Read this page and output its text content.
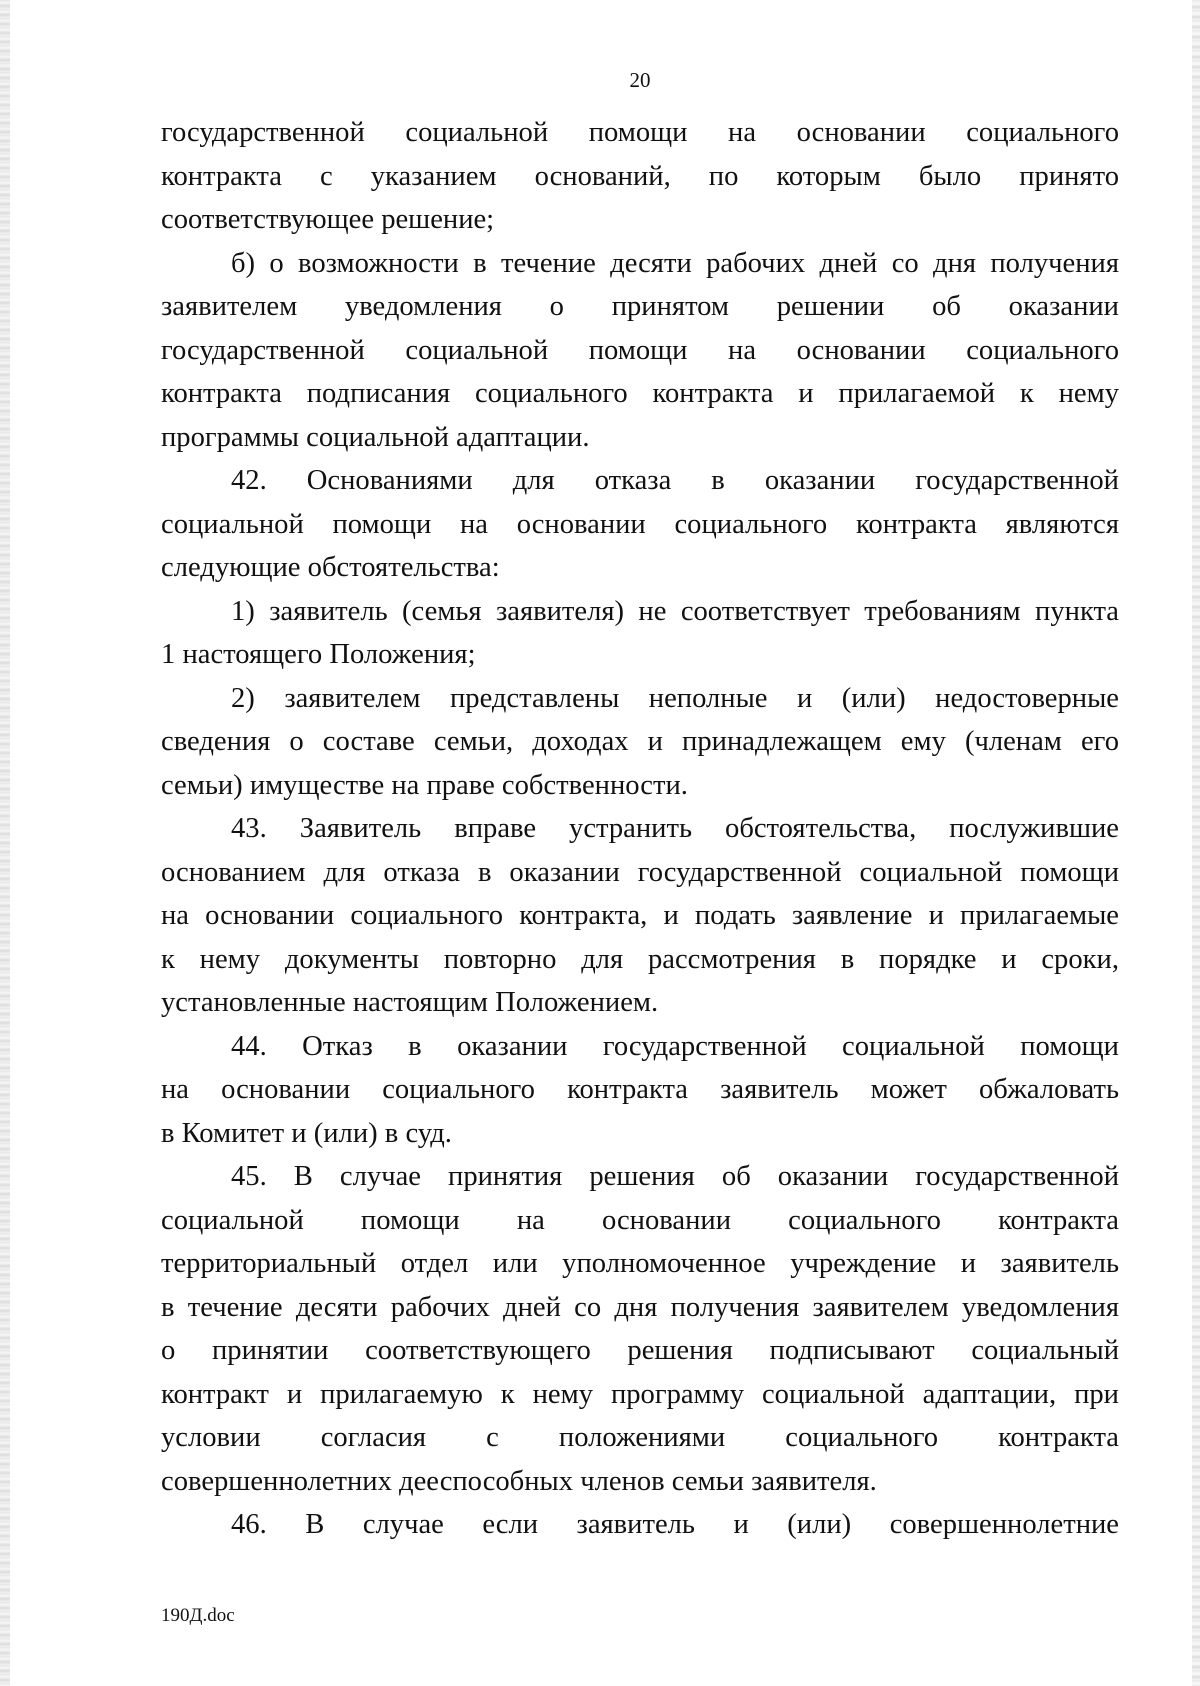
20
государственной социальной помощи на основании социального
контракта с указанием оснований, по которым было принято
соответствующее решение;
б) о возможности в течение десяти рабочих дней со дня получения
заявителем уведомления о принятом решении об оказании
государственной социальной помощи на основании социального
контракта подписания социального контракта и прилагаемой к нему
программы социальной адаптации.
42. Основаниями для отказа в оказании государственной
социальной помощи на основании социального контракта являются
следующие обстоятельства:
1) заявитель (семья заявителя) не соответствует требованиям пункта
1 настоящего Положения;
2) заявителем представлены неполные и (или) недостоверные
сведения о составе семьи, доходах и принадлежащем ему (членам его
семьи) имуществе на праве собственности.
43. Заявитель вправе устранить обстоятельства, послужившие
основанием для отказа в оказании государственной социальной помощи
на основании социального контракта, и подать заявление и прилагаемые
к нему документы повторно для рассмотрения в порядке и сроки,
установленные настоящим Положением.
44. Отказ в оказании государственной социальной помощи
на основании социального контракта заявитель может обжаловать
в Комитет и (или) в суд.
45. В случае принятия решения об оказании государственной
социальной помощи на основании социального контракта
территориальный отдел или уполномоченное учреждение и заявитель
в течение десяти рабочих дней со дня получения заявителем уведомления
о принятии соответствующего решения подписывают социальный
контракт и прилагаемую к нему программу социальной адаптации, при
условии согласия с положениями социального контракта
совершеннолетних дееспособных членов семьи заявителя.
46. В случае если заявитель и (или) совершеннолетние
190Д.doc
